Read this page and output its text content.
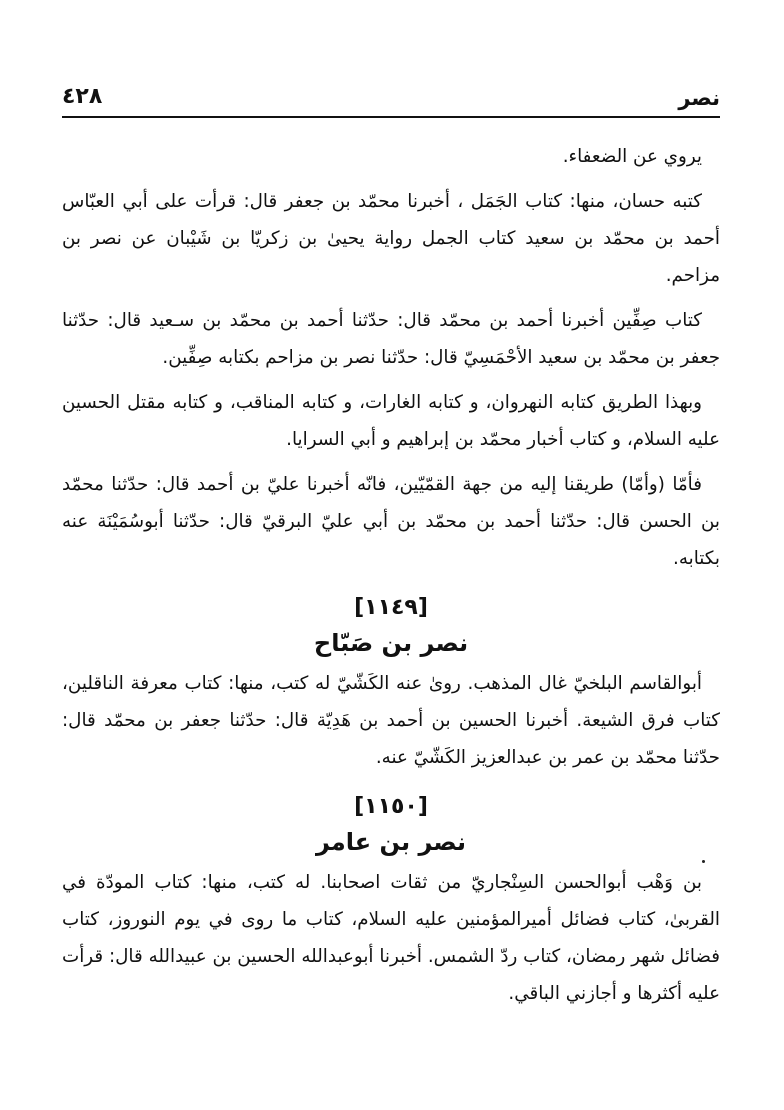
نصر
٤٢٨

يروي عن الضعفاء.

كتبه حسان، منها: كتاب الجَمَل ، أخبرنا محمّد بن جعفر قال: قرأت على أبي العبّاس أحمد بن محمّد بن سعيد كتاب الجمل رواية يحيىٰ بن زكريّا بن شَيْبان عن نصر بن مزاحم.

كتاب صِفِّين أخبرنا أحمد بن محمّد قال: حدّثنا أحمد بن محمّد بن سـعيد قال: حدّثنا جعفر بن محمّد بن سعيد الأحْمَسِيّ قال: حدّثنا نصر بن مزاحم بكتابه صِفِّين.

وبهذا الطريق كتابه النهروان، و كتابه الغارات، و كتابه المناقب، و كتابه مقتل الحسين عليه السلام، و كتاب أخبار محمّد بن إبراهيم و أبي السرايا.

فأمّا (وأمّا) طريقنا إليه من جهة القمّيّين، فانّه أخبرنا عليّ بن أحمد قال: حدّثنا محمّد بن الحسن قال: حدّثنا أحمد بن محمّد بن أبي عليّ البرقيّ قال: حدّثنا أبوسُمَيْنَة عنه بكتابه.

[١١٤٩]
نصر بن صَبّاح

أبوالقاسم البلخيّ غال المذهب. روىٰ عنه الكَشّيّ له كتب، منها: كتاب معرفة الناقلين، كتاب فرق الشيعة. أخبرنا الحسين بن أحمد بن هَدِيّة قال: حدّثنا جعفر بن محمّد قال: حدّثنا محمّد بن عمر بن عبدالعزيز الكَشّيّ عنه.

[١١٥٠]
نصر بن عامر

بن وَهْب أبوالحسن السِنْجاريّ من ثقات اصحابنا. له كتب، منها: كتاب المودّة في القربىٰ، كتاب فضائل أميرالمؤمنين عليه السلام، كتاب ما روى في يوم النوروز، كتاب فضائل شهر رمضان، كتاب ردّ الشمس. أخبرنا أبوعبدالله الحسين بن عبيدالله قال: قرأت عليه أكثرها و أجازني الباقي.
